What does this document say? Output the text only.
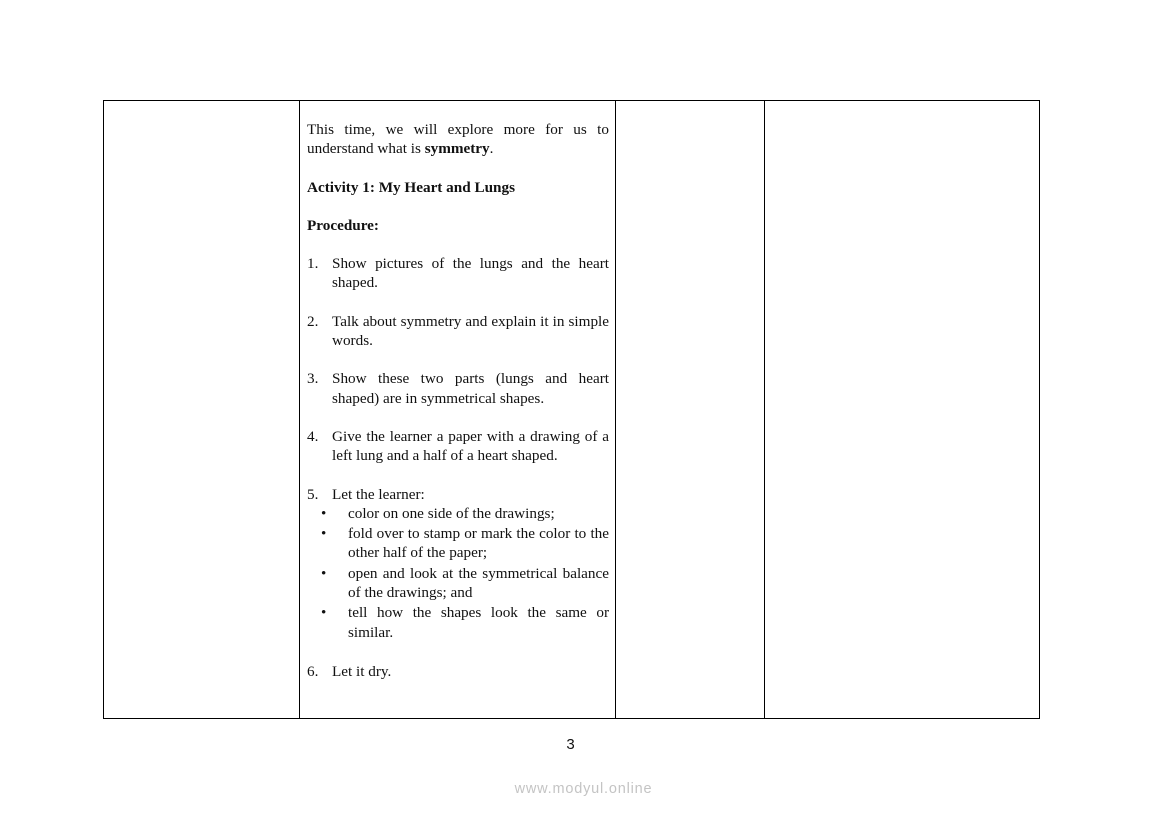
This time, we will explore more for us to understand what is symmetry.

Activity 1: My Heart and Lungs

Procedure:

1. Show pictures of the lungs and the heart shaped.
2. Talk about symmetry and explain it in simple words.
3. Show these two parts (lungs and heart shaped) are in symmetrical shapes.
4. Give the learner a paper with a drawing of a left lung and a half of a heart shaped.
5. Let the learner:
•	color on one side of the drawings;
•	fold over to stamp or mark the color to the other half of the paper;
•	open and look at the symmetrical balance of the drawings; and
•	tell how the shapes look the same or similar.
6. Let it dry.

3
www.modyul.online
